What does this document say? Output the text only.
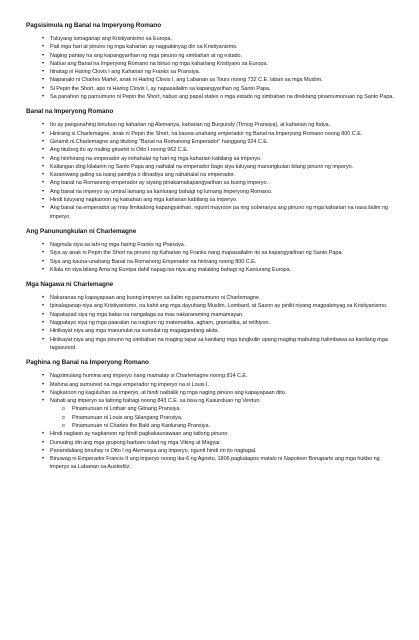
Pagsisimula ng Banal na Imperyong Romano
• Tuluyang lumaganap ang Kristiyanismo sa Europa.
• Pati mga hari at pinuno ng mga kaharian ay nagpabinyag din sa Kristiyanismo.
• Naging pantay na ang kapangyarihan ng mga pinuno ng simbahan at ng estado.
• Nabuo ang Banal na Imperyong Romano na binuo ng mga kahariang Kristiyano sa Europa.
• Itinatag ni Haring Clovis I ang Kaharian ng Franks sa Pransiya.
• Naipanalo ni Charles Martel, anak ni Haring Clovis I, ang Labanan sa Tours noong 732 C.E. laban sa mga Muslim.
• Si Pepin the Short, apo ni Haring Clovis I, ay napasailalim sa kapangyarihan ng Santo Papa.
• Sa panahon ng pamumuno ni Pepin the Short, nabuo ang papal states o mga estado ng simbahan na direktang pinamumunuan ng Santo Papa.
Banal na Imperyong Romano
• Ito ay pangunahing binubuo ng kaharian ng Alemanya, kaharian ng Burgundy (Timog Pransiya), at kaharian ng Italya.
• Hinirang si Charlemagne, anak ni Pepin the Short, na kauna-unahang emperador ng Banal na Imperyong Romano noong 800 C.E.
• Ginamit ni Charlemagne ang titulong "Banal na Romanong Emperador" hanggang 924 C.E.
• Ang titulong ito ay muling ginamit ni Otto I noong 962 C.E.
• Ang hinihirang na emperador ay inihahalal ng hari ng mga kaharian kabilang sa imperyo.
• Kailangan ding kilalanin ng Santo Papa ang naihalal na emperador bago siya tuluyang manungkulan bilang pinuno ng imperyo.
• Karaniwang galing sa isang pamilya o dinastiya ang nahahalal na emperador.
• Ang banal na Romanong emperador ay siyang pinakamakapangyarihan sa buong imperyo.
• Ang banal na imperyo ay umiral lamang sa kanlurang bahagi ng lumang Imperyong Romano.
• Hindi tuluyang nagkaroon ng kaisahan ang mga kaharian kabilang sa imperyo.
• Ang banal na emperador ay may limitadong kapangyarihan, ngunit mayroon pa ring soberanya ang pinuno ng mga kaharian na nasa ilalim ng imperyo.
Ang Panunungkulan ni Charlemagne
• Nagmula siya sa lahi ng mga haring Franks ng Pransiya.
• Siya ay anak ni Pepin the Short na pinuno ng Kaharian ng Franks nang mapasailalim ito sa kapangyarihan ng Santo Papa.
• Siya ang kauna-unahang Banal na Romanong Emperador na hinirang noong 800 C.E.
• Kilala rin siya bilang Ama ng Europa dahil napag-isa niya ang malaking bahagi ng Kanlurang Europa.
Mga Nagawa ni Charlemagne
• Nakaranas ng kapayapaan ang buong imperyo sa ilalim ng pamumuno ni Charlemagne.
• Ipinalaganap niya ang Kristiyanismo, na kahit ang mga dayuhang Muslim, Lombard, at Saxon ay pinilit niyang magpabinyag sa Kristiyanismo.
• Napatupad siya ng mga batas na nangalaga sa mas nakararaming mamamayan.
• Nagpatayo siya ng mga paaralan na nagturo ng matematika, agham, gramatika, at relihiyon.
• Hinikayat niya ang mga manunulat na sumulat ng magagandang akda.
• Hinikayat niya ang mga pinuno ng simbahan na maging tapat sa kanilang mga tungkulin upang maging mabuting halimbawa sa kanilang mga tagasunod.
Paghina ng Banal na Imperyong Romano
• Nagsimulang humina ang imperyo nang mamatay si Charlemagne noong 814 C.E.
• Mahina ang sumunod na mga emperador ng imperyo na si Louis I.
• Nagkaroon ng kaguluhan sa imperyo, at hindi naibalik ng mga naging pinuno ang kapayapaan dito.
• Nahati ang imperyo sa tatlong bahagi noong 843 C.E. sa bisa ng Kasunduan ng Verdun.
o Pinamunuan ni Lothair ang Gitnang Pransiya.
o Pinamunuan ni Louis ang Silangang Pransiya.
o Pinamunuan ni Charles the Bald ang Kanlurang Pransiya.
• Hindi naglaon ay nagkaroon ng hindi pagkakaunawaan ang tatlong pinuno.
• Dumating din ang mga grupong barbaro tulad ng mga Viking at Magyar.
• Panandaliang binuhay ni Otto I ng Alemanya ang imperyo, ngunit hindi rin ito nagtagal.
• Binuwag ni Emperador Francis II ang imperyo noong ika-6 ng Agosto, 1806 pagkatapos matalo ni Napoleon Bonaparte ang mga hukbo ng imperyo sa Labanan sa Austerlitz.
